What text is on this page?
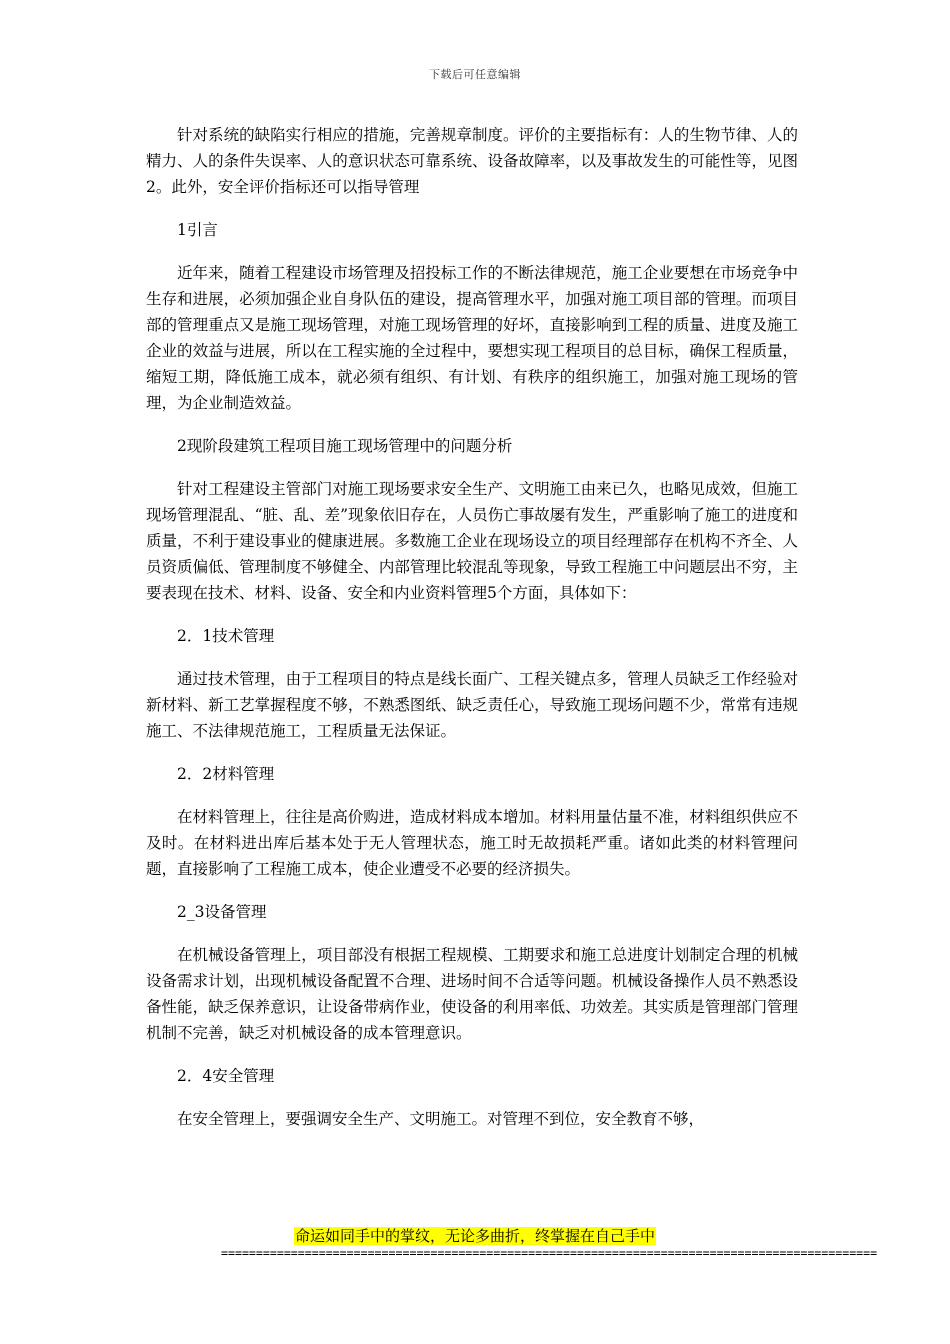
下载后可任意编辑

针对系统的缺陷实行相应的措施，完善规章制度。评价的主要指标有：人的生物节律、人的精力、人的条件失误率、人的意识状态可靠系统、设备故障率，以及事故发生的可能性等，见图2。此外，安全评价指标还可以指导管理

1引言

近年来，随着工程建设市场管理及招投标工作的不断法律规范，施工企业要想在市场竞争中生存和进展，必须加强企业自身队伍的建设，提高管理水平，加强对施工项目部的管理。而项目部的管理重点又是施工现场管理，对施工现场管理的好坏，直接影响到工程的质量、进度及施工企业的效益与进展，所以在工程实施的全过程中，要想实现工程项目的总目标，确保工程质量，缩短工期，降低施工成本，就必须有组织、有计划、有秩序的组织施工，加强对施工现场的管理，为企业制造效益。

2现阶段建筑工程项目施工现场管理中的问题分析

针对工程建设主管部门对施工现场要求安全生产、文明施工由来已久，也略见成效，但施工现场管理混乱、“脏、乱、差”现象依旧存在，人员伤亡事故屡有发生，严重影响了施工的进度和质量，不利于建设事业的健康进展。多数施工企业在现场设立的项目经理部存在机构不齐全、人员资质偏低、管理制度不够健全、内部管理比较混乱等现象，导致工程施工中问题层出不穷，主要表现在技术、材料、设备、安全和内业资料管理5个方面，具体如下：

2．1技术管理

通过技术管理，由于工程项目的特点是线长面广、工程关键点多，管理人员缺乏工作经验对新材料、新工艺掌握程度不够，不熟悉图纸、缺乏责任心，导致施工现场问题不少，常常有违规施工、不法律规范施工，工程质量无法保证。

2．2材料管理

在材料管理上，往往是高价购进，造成材料成本增加。材料用量估量不准，材料组织供应不及时。在材料进出库后基本处于无人管理状态，施工时无故损耗严重。诸如此类的材料管理问题，直接影响了工程施工成本，使企业遭受不必要的经济损失。

2_3设备管理

在机械设备管理上，项目部没有根据工程规模、工期要求和施工总进度计划制定合理的机械设备需求计划，出现机械设备配置不合理、进场时间不合适等问题。机械设备操作人员不熟悉设备性能，缺乏保养意识，让设备带病作业，使设备的利用率低、功效差。其实质是管理部门管理机制不完善，缺乏对机械设备的成本管理意识。

2．4安全管理

在安全管理上，要强调安全生产、文明施工。对管理不到位，安全教育不够，

命运如同手中的掌纹，无论多曲折，终掌握在自己手中
==============================================================================================
